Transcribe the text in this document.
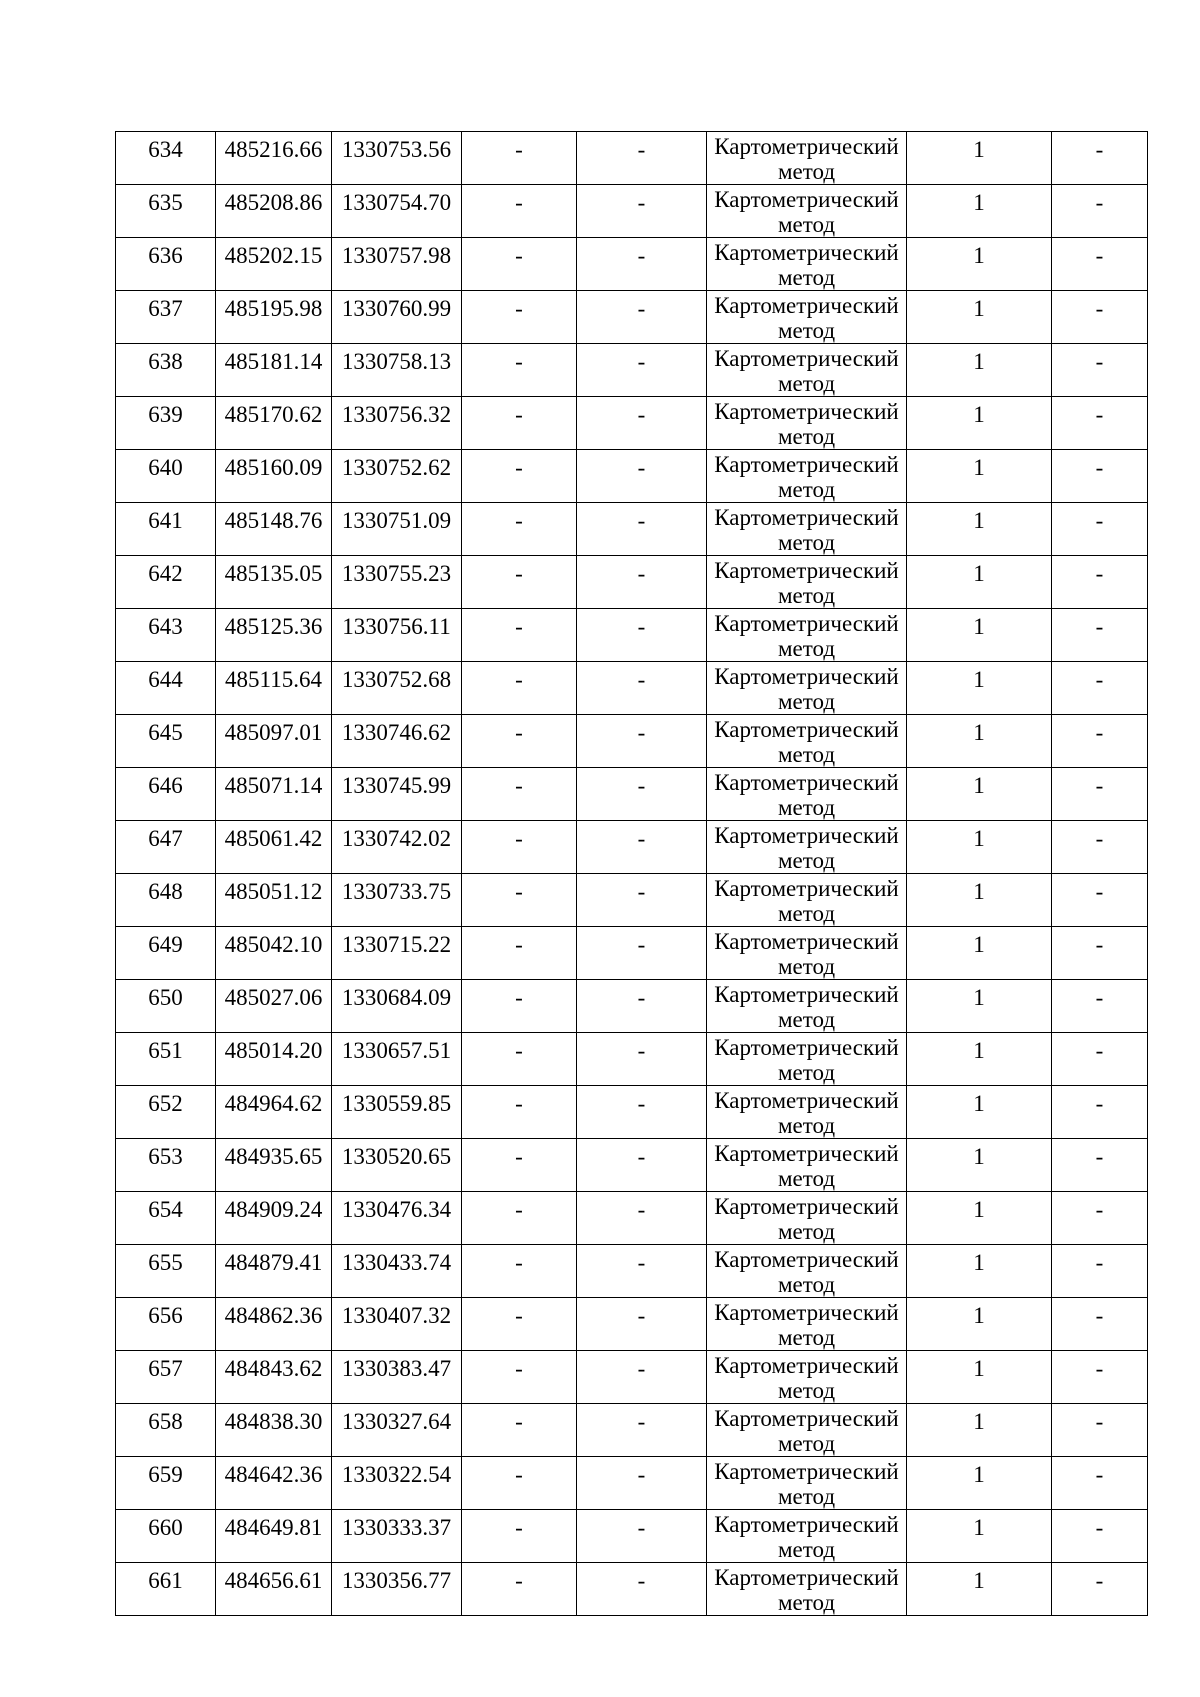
634	485216.66	1330753.56	-	-	Картометрический метод	1	-

635	485208.86	1330754.70	-	-	Картометрический метод	1	-

636	485202.15	1330757.98	-	-	Картометрический метод	1	-

637	485195.98	1330760.99	-	-	Картометрический метод	1	-

638	485181.14	1330758.13	-	-	Картометрический метод	1	-

639	485170.62	1330756.32	-	-	Картометрический метод	1	-

640	485160.09	1330752.62	-	-	Картометрический метод	1	-

641	485148.76	1330751.09	-	-	Картометрический метод	1	-

642	485135.05	1330755.23	-	-	Картометрический метод	1	-

643	485125.36	1330756.11	-	-	Картометрический метод	1	-

644	485115.64	1330752.68	-	-	Картометрический метод	1	-

645	485097.01	1330746.62	-	-	Картометрический метод	1	-

646	485071.14	1330745.99	-	-	Картометрический метод	1	-

647	485061.42	1330742.02	-	-	Картометрический метод	1	-

648	485051.12	1330733.75	-	-	Картометрический метод	1	-

649	485042.10	1330715.22	-	-	Картометрический метод	1	-

650	485027.06	1330684.09	-	-	Картометрический метод	1	-

651	485014.20	1330657.51	-	-	Картометрический метод	1	-

652	484964.62	1330559.85	-	-	Картометрический метод	1	-

653	484935.65	1330520.65	-	-	Картометрический метод	1	-

654	484909.24	1330476.34	-	-	Картометрический метод	1	-

655	484879.41	1330433.74	-	-	Картометрический метод	1	-

656	484862.36	1330407.32	-	-	Картометрический метод	1	-

657	484843.62	1330383.47	-	-	Картометрический метод	1	-

658	484838.30	1330327.64	-	-	Картометрический метод	1	-

659	484642.36	1330322.54	-	-	Картометрический метод	1	-

660	484649.81	1330333.37	-	-	Картометрический метод	1	-

661	484656.61	1330356.77	-	-	Картометрический метод	1	-
